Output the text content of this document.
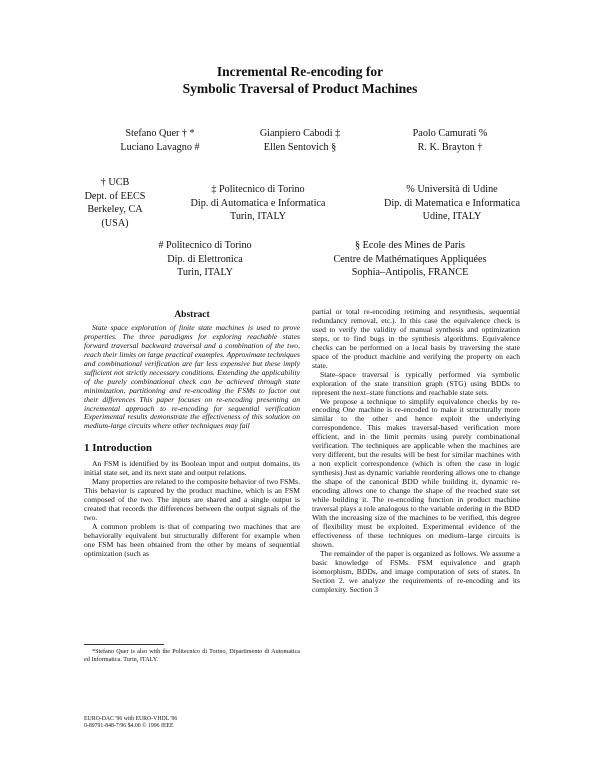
Incremental Re-encoding for
Symbolic Traversal of Product Machines
Stefano Quer † *
Luciano Lavagno #
Gianpiero Cabodi ‡
Ellen Sentovich §
Paolo Camurati %
R. K. Brayton †
† UCB
Dept. of EECS
Berkeley, CA
(USA)
‡ Politecnico di Torino
Dip. di Automatica e Informatica
Turin, ITALY
% Università di Udine
Dip. di Matematica e Informatica
Udine, ITALY
# Politecnico di Torino
Dip. di Elettronica
Turin, ITALY
§ Ecole des Mines de Paris
Centre de Mathématiques Appliquées
Sophia–Antipolis, FRANCE
Abstract

State space exploration of finite state machines is used to prove properties. The three paradigms for exploring reachable states forward traversal backward traversal and a combination of the two, reach their limits on large practical examples. Approximate techniques and combinational verification are far less expensive but these imply sufficient not strictly necessary conditions. Extending the applicability of the purely combinational check can be achieved through state minimization, partitioning and re-encoding the FSMs to factor out their differences This paper focuses on re-encoding presenting an incremental approach to re-encoding for sequential verification Experimental results demonstrate the effectiveness of this solution on medium-large circuits where other techniques may fail

1 Introduction

An FSM is identified by its Boolean input and output domains, its initial state set, and its next state and output relations.

Many properties are related to the composite behavior of two FSMs. This behavior is captured by the product machine, which is an FSM composed of the two. The inputs are shared and a single output is created that records the differences between the output signals of the two.

A common problem is that of comparing two machines that are behaviorally equivalent but structurally different for example when one FSM has been obtained from the other by means of sequential optimization (such as

*Stefano Quer is also with the Politecnico di Torino, Dipartimento di Automatica ed Informatica. Turin, ITALY.

partial or total re-encoding retiming and resynthesis, sequential redundancy removal, etc.). In this case the equivalence check is used to verify the validity of manual synthesis and optimization steps, or to find bugs in the synthesis algorithms. Equivalence checks can be performed on a local basis by traversing the state space of the product machine and verifying the property on each state.

State–space traversal is typically performed via symbolic exploration of the state transition graph (STG) using BDDs to represent the next–state functions and reachable state sets.

We propose a technique to simplify equivalence checks by re-encoding One machine is re-encoded to make it structurally more similar to the other and hence exploit the underlying correspondence. This makes traversal-based verification more efficient, and in the limit permits using purely combinational verification. The techniques are applicable when the machines are very different, but the results will be best for similar machines with a non explicit correspondence (which is often the case in logic synthesis) Just as dynamic variable reordering allows one to change the shape of the canonical BDD while building it, dynamic re-encoding allows one to change the shape of the reached state set while building it. The re-encoding function in product machine traversal plays a role analogous to the variable ordering in the BDD With the increasing size of the machines to be verified, this degree of flexibility must be exploited. Experimental evidence of the effectiveness of these techniques on medium–large circuits is shown.

The remainder of the paper is organized as follows. We assume a basic knowledge of FSMs. FSM equivalence and graph isomorphism, BDDs, and image computation of sets of states. In Section 2. we analyze the requirements of re-encoding and its complexity. Section 3

EURO-DAC '96 with EURO-VHDL '96
0-89791-848-7/96 $4.00 © 1996 IEEE
